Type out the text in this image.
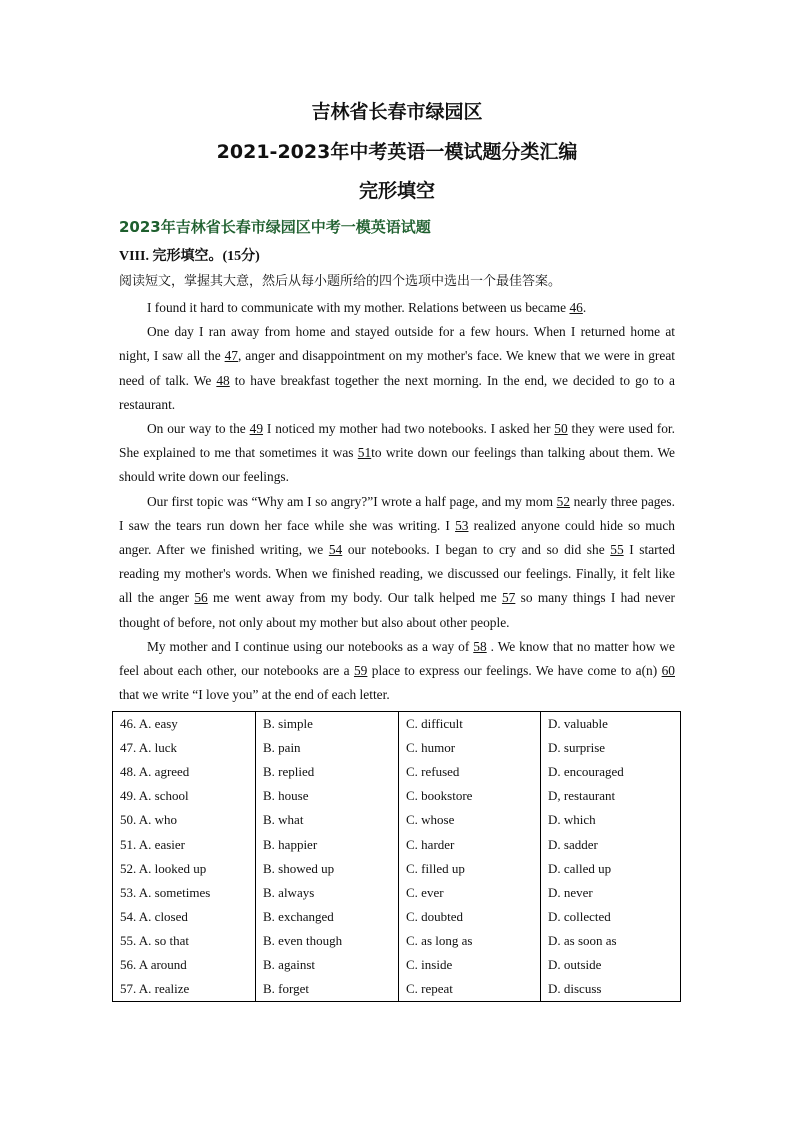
吉林省长春市绿园区
2021-2023年中考英语一模试题分类汇编
完形填空
2023年吉林省长春市绿园区中考一模英语试题
VIII. 完形填空。(15分)
阅读短文，掌握其大意，然后从每小题所给的四个选项中选出一个最佳答案。

I found it hard to communicate with my mother. Relations between us became 46.

One day I ran away from home and stayed outside for a few hours. When I returned home at night, I saw all the 47, anger and disappointment on my mother's face. We knew that we were in great need of talk. We 48 to have breakfast together the next morning. In the end, we decided to go to a restaurant.

On our way to the 49 I noticed my mother had two notebooks. I asked her 50 they were used for. She explained to me that sometimes it was 51to write down our feelings than talking about them. We should write down our feelings.

Our first topic was “Why am I so angry?”I wrote a half page, and my mom 52 nearly three pages. I saw the tears run down her face while she was writing. I 53 realized anyone could hide so much anger. After we finished writing, we 54 our notebooks. I began to cry and so did she 55 I started reading my mother's words. When we finished reading, we discussed our feelings. Finally, it felt like all the anger 56 me went away from my body. Our talk helped me 57 so many things I had never thought of before, not only about my mother but also about other people.

My mother and I continue using our notebooks as a way of 58 . We know that no matter how we feel about each other, our notebooks are a 59 place to express our feelings. We have come to a(n) 60 that we write “I love you” at the end of each letter.

46. A. easy	B. simple	C. difficult	D. valuable
47. A. luck	B. pain	C. humor	D. surprise
48. A. agreed	B. replied	C. refused	D. encouraged
49. A. school	B. house	C. bookstore	D, restaurant
50. A. who	B. what	C. whose	D. which
51. A. easier	B. happier	C. harder	D. sadder
52. A. looked up	B. showed up	C. filled up	D. called up
53. A. sometimes	B. always	C. ever	D. never
54. A. closed	B. exchanged	C. doubted	D. collected
55. A. so that	B. even though	C. as long as	D. as soon as
56. A around	B. against	C. inside	D. outside
57. A. realize	B. forget	C. repeat	D. discuss
